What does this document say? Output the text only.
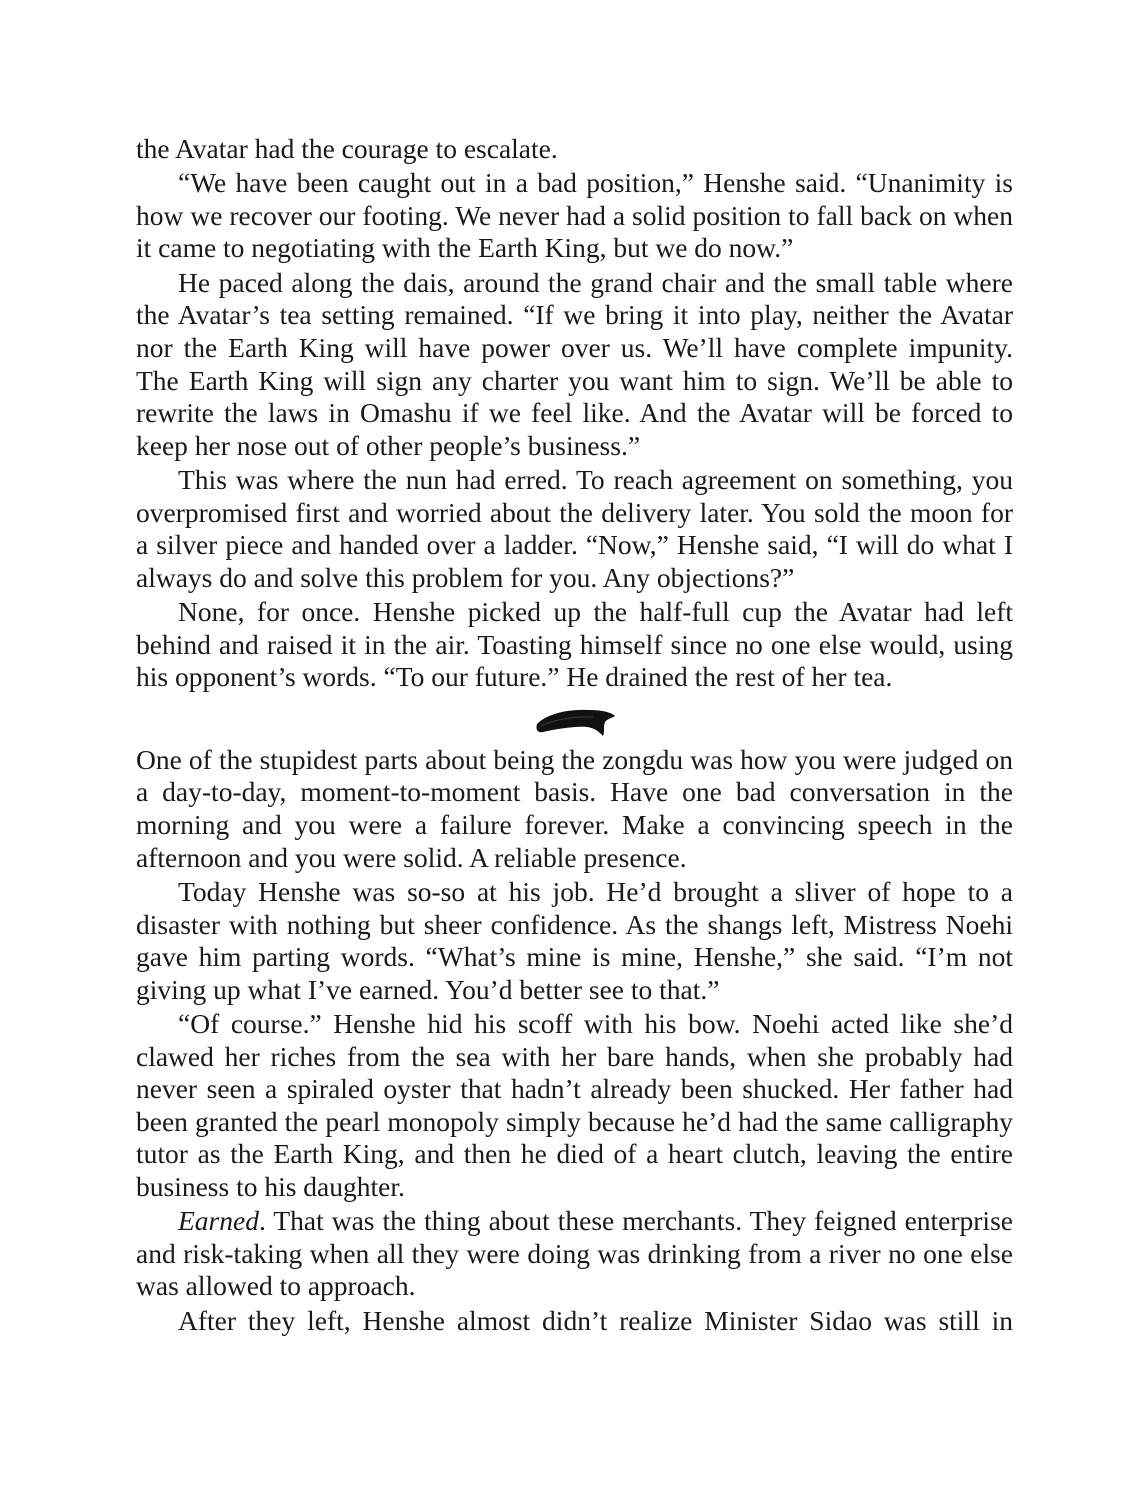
the Avatar had the courage to escalate.

“We have been caught out in a bad position,” Henshe said. “Unanimity is how we recover our footing. We never had a solid position to fall back on when it came to negotiating with the Earth King, but we do now.”

He paced along the dais, around the grand chair and the small table where the Avatar’s tea setting remained. “If we bring it into play, neither the Avatar nor the Earth King will have power over us. We’ll have complete impunity. The Earth King will sign any charter you want him to sign. We’ll be able to rewrite the laws in Omashu if we feel like. And the Avatar will be forced to keep her nose out of other people’s business.”

This was where the nun had erred. To reach agreement on something, you overpromised first and worried about the delivery later. You sold the moon for a silver piece and handed over a ladder. “Now,” Henshe said, “I will do what I always do and solve this problem for you. Any objections?”

None, for once. Henshe picked up the half-full cup the Avatar had left behind and raised it in the air. Toasting himself since no one else would, using his opponent’s words. “To our future.” He drained the rest of her tea.

One of the stupidest parts about being the zongdu was how you were judged on a day-to-day, moment-to-moment basis. Have one bad conversation in the morning and you were a failure forever. Make a convincing speech in the afternoon and you were solid. A reliable presence.

Today Henshe was so-so at his job. He’d brought a sliver of hope to a disaster with nothing but sheer confidence. As the shangs left, Mistress Noehi gave him parting words. “What’s mine is mine, Henshe,” she said. “I’m not giving up what I’ve earned. You’d better see to that.”

“Of course.” Henshe hid his scoff with his bow. Noehi acted like she’d clawed her riches from the sea with her bare hands, when she probably had never seen a spiraled oyster that hadn’t already been shucked. Her father had been granted the pearl monopoly simply because he’d had the same calligraphy tutor as the Earth King, and then he died of a heart clutch, leaving the entire business to his daughter.

Earned. That was the thing about these merchants. They feigned enterprise and risk-taking when all they were doing was drinking from a river no one else was allowed to approach.

After they left, Henshe almost didn’t realize Minister Sidao was still in
